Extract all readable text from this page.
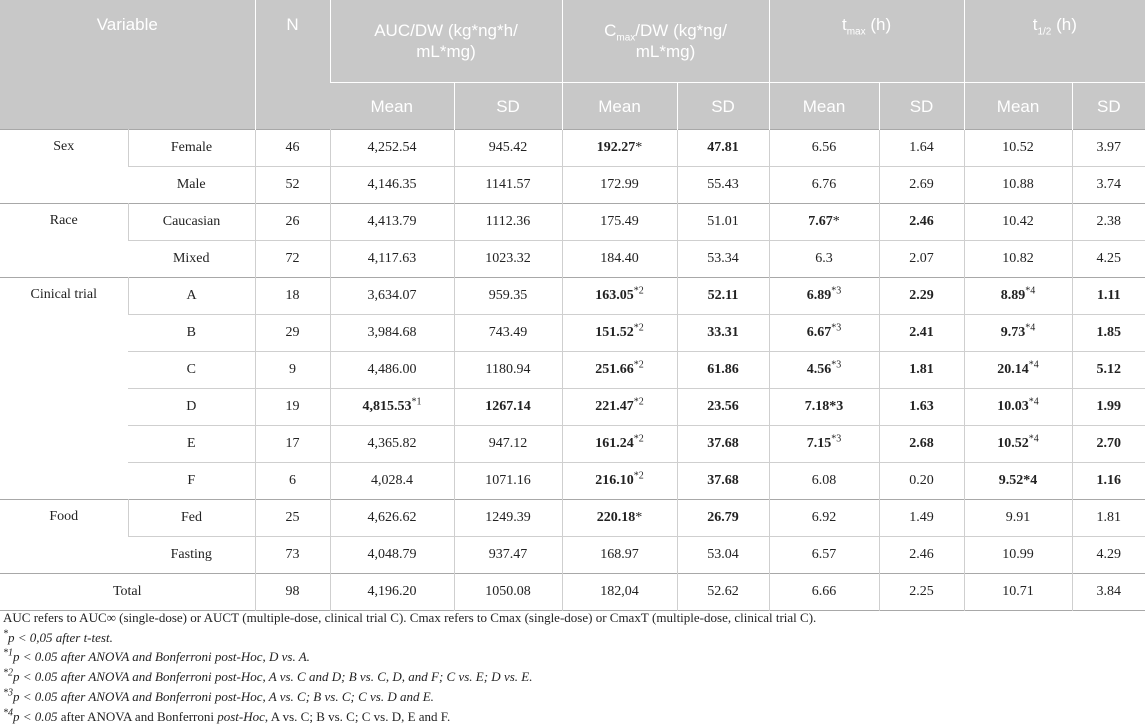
Variable		N	AUC/DW (kg*ng*h/
mL*mg)		$C_{max}/DW$ (kg*ng/
mL*mg)		$t_{max}$ (h)		$t_{1/2}$ (h)	
			Mean	SD	Mean	SD	Mean	SD	Mean	SD
Sex	Female	46	4,252.54	945.42	192.27*	47.81	6.56	1.64	10.52	3.97
	Male	52	4,146.35	1141.57	172.99	55.43	6.76	2.69	10.88	3.74
Race	Caucasian	26	4,413.79	1112.36	175.49	51.01	7.67*	2.46	10.42	2.38
	Mixed	72	4,117.63	1023.32	184.40	53.34	6.3	2.07	10.82	4.25
Cinical trial	A	18	3,634.07	959.35	163.05$^{*2}$	52.11	6.89$^{*3}$	2.29	8.89$^{*4}$	1.11
	B	29	3,984.68	743.49	151.52$^{*2}$	33.31	6.67$^{*3}$	2.41	9.73$^{*4}$	1.85
	C	9	4,486.00	1180.94	251.66$^{*2}$	61.86	4.56$^{*3}$	1.81	20.14$^{*4}$	5.12
	D	19	4,815.53$^{*1}$	1267.14	221.47$^{*2}$	23.56	7.18*3	1.63	10.03$^{*4}$	1.99
	E	17	4,365.82	947.12	161.24$^{*2}$	37.68	7.15$^{*3}$	2.68	10.52$^{*4}$	2.70
	F	6	4,028.4	1071.16	216.10$^{*2}$	37.68	6.08	0.20	9.52*4	1.16
Food	Fed	25	4,626.62	1249.39	220.18*	26.79	6.92	1.49	9.91	1.81
	Fasting	73	4,048.79	937.47	168.97	53.04	6.57	2.46	10.99	4.29
Total		98	4,196.20	1050.08	182,04	52.62	6.66	2.25	10.71	3.84
AUC refers to AUC∞ (single-dose) or AUCƬ (multiple-dose, clinical trial C). Cmax refers to Cmax (single-dose) or CmaxƬ (multiple-dose, clinical trial C).
*p < 0,05 after t-test.
$^{*1}$p < 0.05 after ANOVA and Bonferroni post-Hoc, D vs. A.
$^{*2}$p < 0.05 after ANOVA and Bonferroni post-Hoc, A vs. C and D; B vs. C, D, and F; C vs. E; D vs. E.
$^{*3}$p < 0.05 after ANOVA and Bonferroni post-Hoc, A vs. C; B vs. C; C vs. D and E.
$^{*4}$p < 0.05 after ANOVA and Bonferroni post-Hoc, A vs. C; B vs. C; C vs. D, E and F.
